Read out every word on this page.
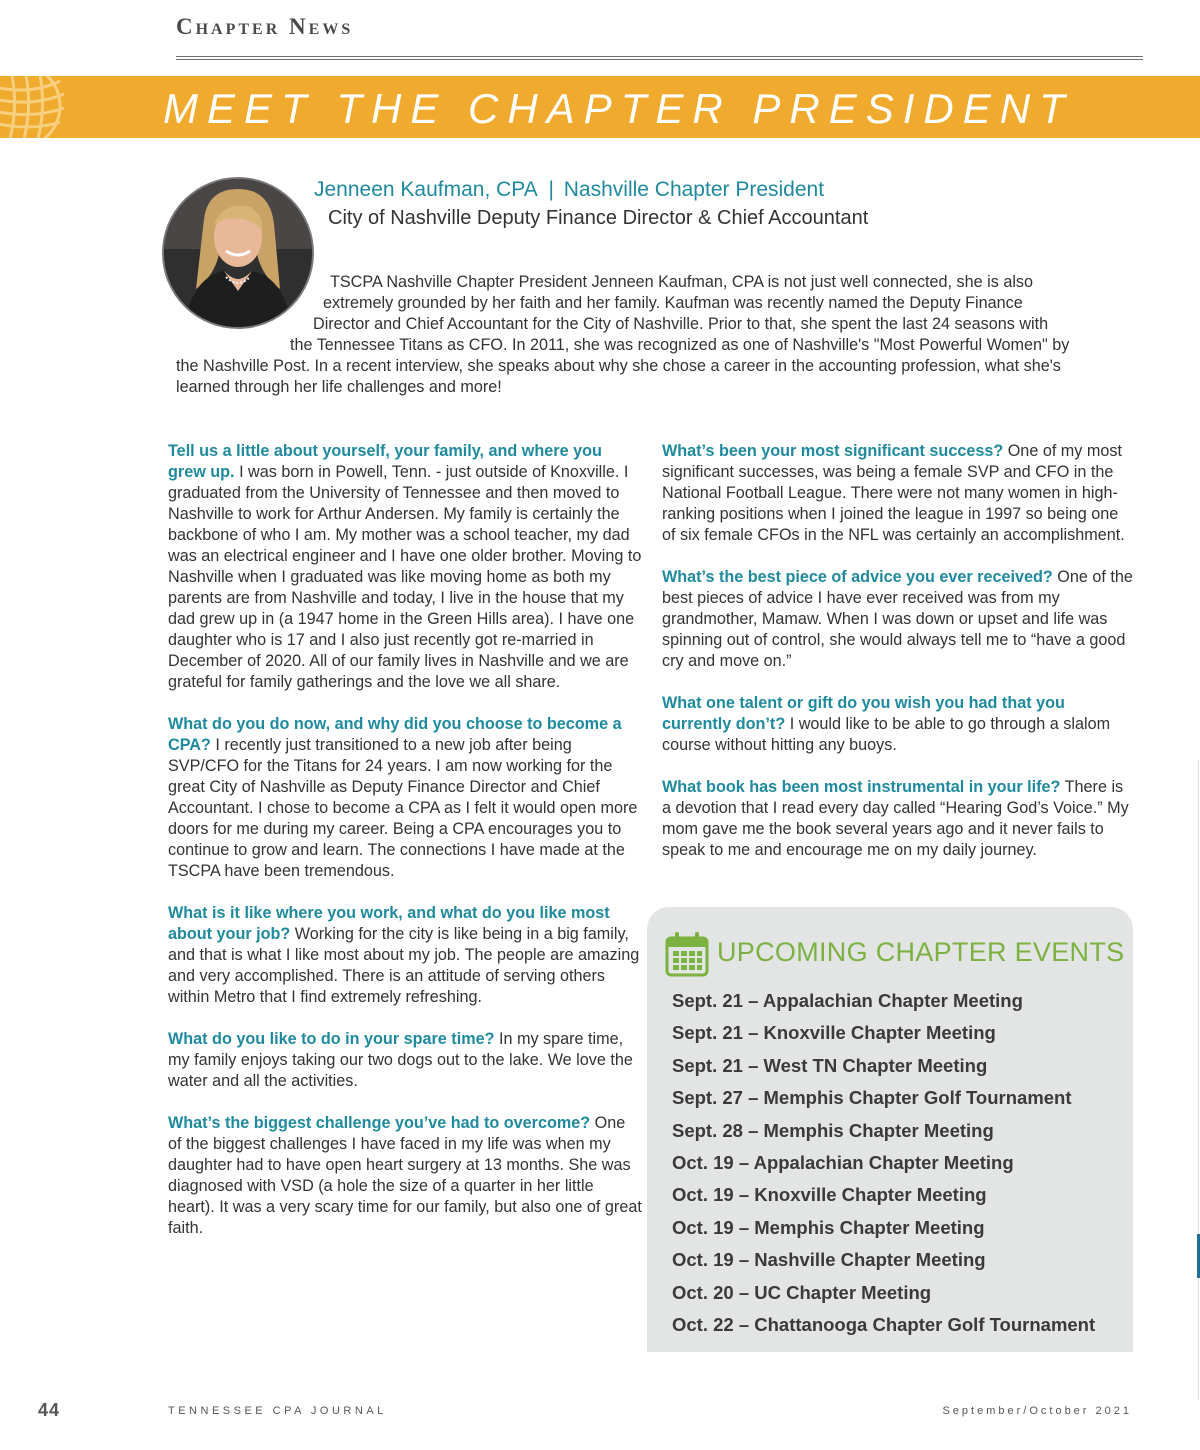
Chapter News
MEET THE CHAPTER PRESIDENT
Jenneen Kaufman, CPA | Nashville Chapter President
City of Nashville Deputy Finance Director & Chief Accountant
TSCPA Nashville Chapter President Jenneen Kaufman, CPA is not just well connected, she is also
extremely grounded by her faith and her family. Kaufman was recently named the Deputy Finance
Director and Chief Accountant for the City of Nashville. Prior to that, she spent the last 24 seasons with
the Tennessee Titans as CFO. In 2011, she was recognized as one of Nashville's "Most Powerful Women" by
the Nashville Post. In a recent interview, she speaks about why she chose a career in the accounting profession, what she's
learned through her life challenges and more!

Tell us a little about yourself, your family, and where you grew up. I was born in Powell, Tenn. - just outside of Knoxville. I graduated from the University of Tennessee and then moved to Nashville to work for Arthur Andersen. My family is certainly the backbone of who I am. My mother was a school teacher, my dad was an electrical engineer and I have one older brother. Moving to Nashville when I graduated was like moving home as both my parents are from Nashville and today, I live in the house that my dad grew up in (a 1947 home in the Green Hills area). I have one daughter who is 17 and I also just recently got re-married in December of 2020. All of our family lives in Nashville and we are grateful for family gatherings and the love we all share.

What do you do now, and why did you choose to become a CPA? I recently just transitioned to a new job after being SVP/CFO for the Titans for 24 years. I am now working for the great City of Nashville as Deputy Finance Director and Chief Accountant. I chose to become a CPA as I felt it would open more doors for me during my career. Being a CPA encourages you to continue to grow and learn. The connections I have made at the TSCPA have been tremendous.

What is it like where you work, and what do you like most about your job? Working for the city is like being in a big family, and that is what I like most about my job. The people are amazing and very accomplished. There is an attitude of serving others within Metro that I find extremely refreshing.

What do you like to do in your spare time? In my spare time, my family enjoys taking our two dogs out to the lake. We love the water and all the activities.

What’s the biggest challenge you’ve had to overcome? One of the biggest challenges I have faced in my life was when my daughter had to have open heart surgery at 13 months. She was diagnosed with VSD (a hole the size of a quarter in her little heart). It was a very scary time for our family, but also one of great faith.

What’s been your most significant success? One of my most significant successes, was being a female SVP and CFO in the National Football League. There were not many women in high-ranking positions when I joined the league in 1997 so being one of six female CFOs in the NFL was certainly an accomplishment.

What’s the best piece of advice you ever received? One of the best pieces of advice I have ever received was from my grandmother, Mamaw. When I was down or upset and life was spinning out of control, she would always tell me to “have a good cry and move on.”

What one talent or gift do you wish you had that you currently don’t? I would like to be able to go through a slalom course without hitting any buoys.

What book has been most instrumental in your life? There is a devotion that I read every day called “Hearing God’s Voice.” My mom gave me the book several years ago and it never fails to speak to me and encourage me on my daily journey.

UPCOMING CHAPTER EVENTS
Sept. 21 – Appalachian Chapter Meeting
Sept. 21 – Knoxville Chapter Meeting
Sept. 21 – West TN Chapter Meeting
Sept. 27 – Memphis Chapter Golf Tournament
Sept. 28 – Memphis Chapter Meeting
Oct. 19 – Appalachian Chapter Meeting
Oct. 19 – Knoxville Chapter Meeting
Oct. 19 – Memphis Chapter Meeting
Oct. 19 – Nashville Chapter Meeting
Oct. 20 – UC Chapter Meeting
Oct. 22 – Chattanooga Chapter Golf Tournament
44	TENNESSEE CPA JOURNAL	September/October 2021
